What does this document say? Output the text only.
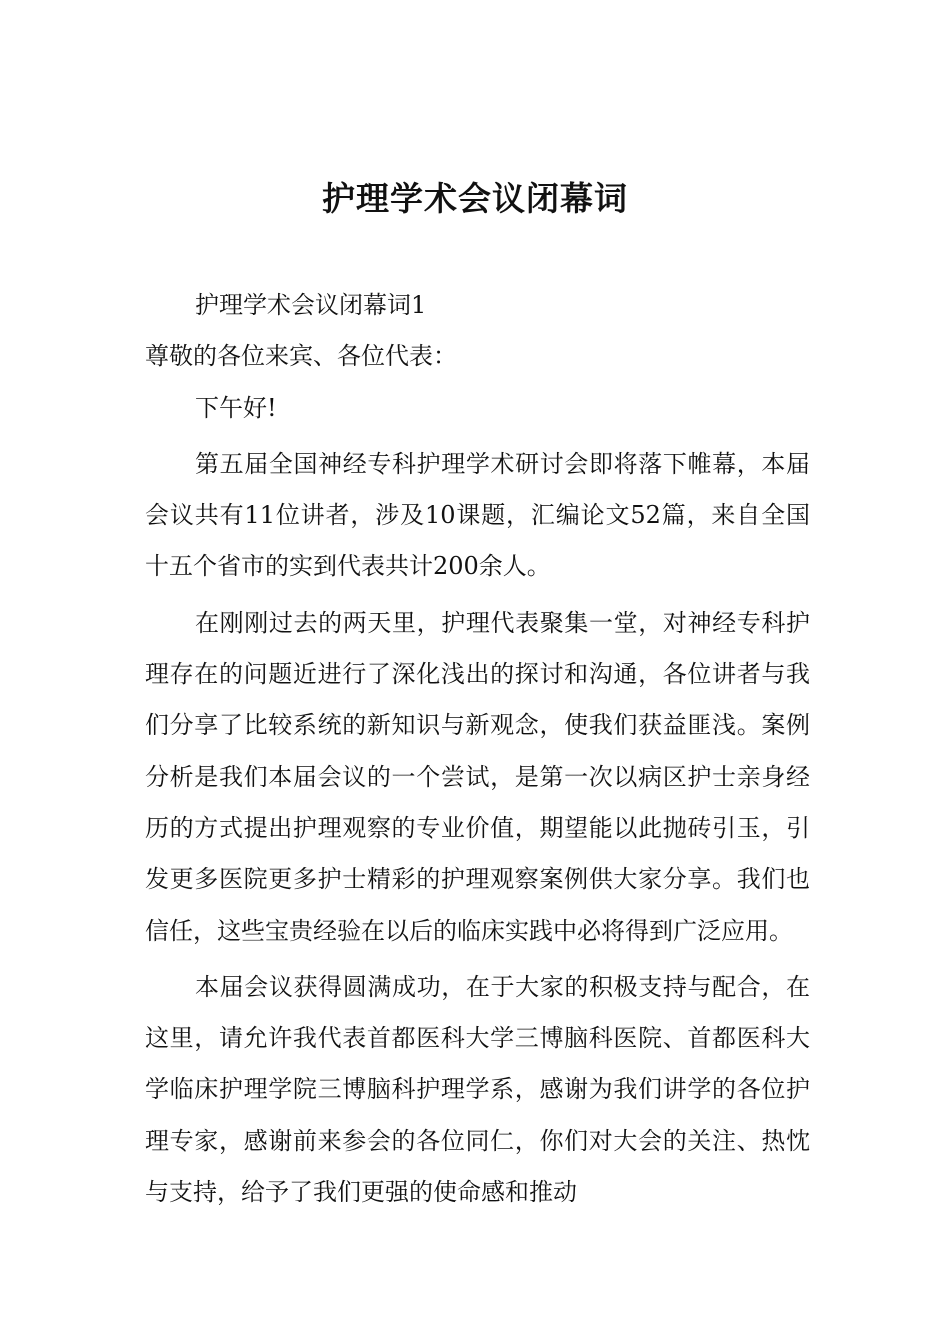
护理学术会议闭幕词

护理学术会议闭幕词1

尊敬的各位来宾、各位代表：

下午好!

第五届全国神经专科护理学术研讨会即将落下帷幕，本届会议共有11位讲者，涉及10课题，汇编论文52篇，来自全国十五个省市的实到代表共计200余人。

在刚刚过去的两天里，护理代表聚集一堂，对神经专科护理存在的问题近进行了深化浅出的探讨和沟通，各位讲者与我们分享了比较系统的新知识与新观念，使我们获益匪浅。案例分析是我们本届会议的一个尝试，是第一次以病区护士亲身经历的方式提出护理观察的专业价值，期望能以此抛砖引玉，引发更多医院更多护士精彩的护理观察案例供大家分享。我们也信任，这些宝贵经验在以后的临床实践中必将得到广泛应用。

本届会议获得圆满成功，在于大家的积极支持与配合，在这里，请允许我代表首都医科大学三博脑科医院、首都医科大学临床护理学院三博脑科护理学系，感谢为我们讲学的各位护理专家，感谢前来参会的各位同仁，你们对大会的关注、热忱与支持，给予了我们更强的使命感和推动
